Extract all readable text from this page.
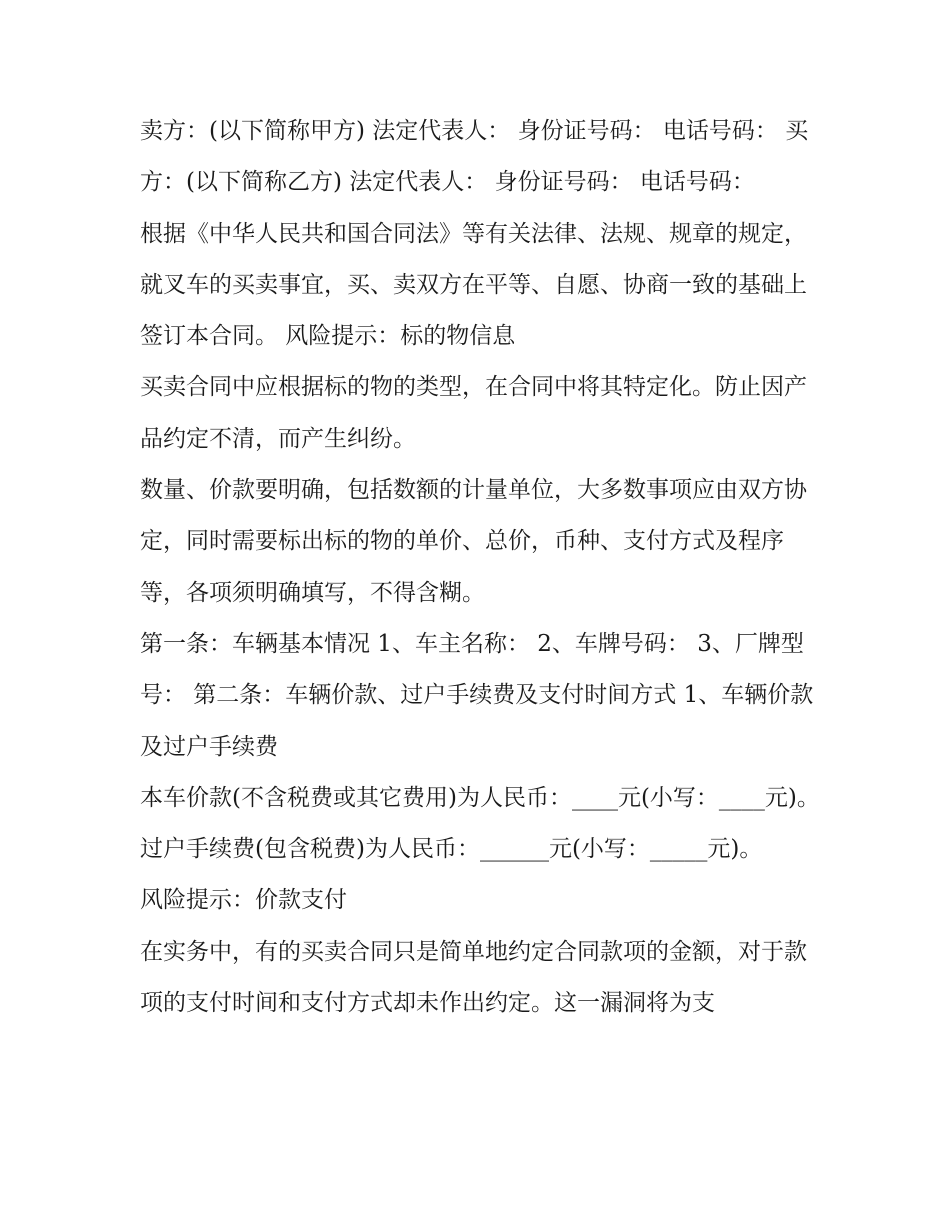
卖方：(以下简称甲方) 法定代表人： 身份证号码： 电话号码： 买方：(以下简称乙方) 法定代表人： 身份证号码： 电话号码：

根据《中华人民共和国合同法》等有关法律、法规、规章的规定，就叉车的买卖事宜，买、卖双方在平等、自愿、协商一致的基础上签订本合同。 风险提示：标的物信息

买卖合同中应根据标的物的类型，在合同中将其特定化。防止因产品约定不清，而产生纠纷。

数量、价款要明确，包括数额的计量单位，大多数事项应由双方协定，同时需要标出标的物的单价、总价，币种、支付方式及程序等，各项须明确填写，不得含糊。

第一条：车辆基本情况 1、车主名称： 2、车牌号码： 3、厂牌型号： 第二条：车辆价款、过户手续费及支付时间方式 1、车辆价款及过户手续费

本车价款(不含税费或其它费用)为人民币：____元(小写：____元)。过户手续费(包含税费)为人民币：______元(小写：_____元)。

风险提示：价款支付

在实务中，有的买卖合同只是简单地约定合同款项的金额，对于款项的支付时间和支付方式却未作出约定。这一漏洞将为支
